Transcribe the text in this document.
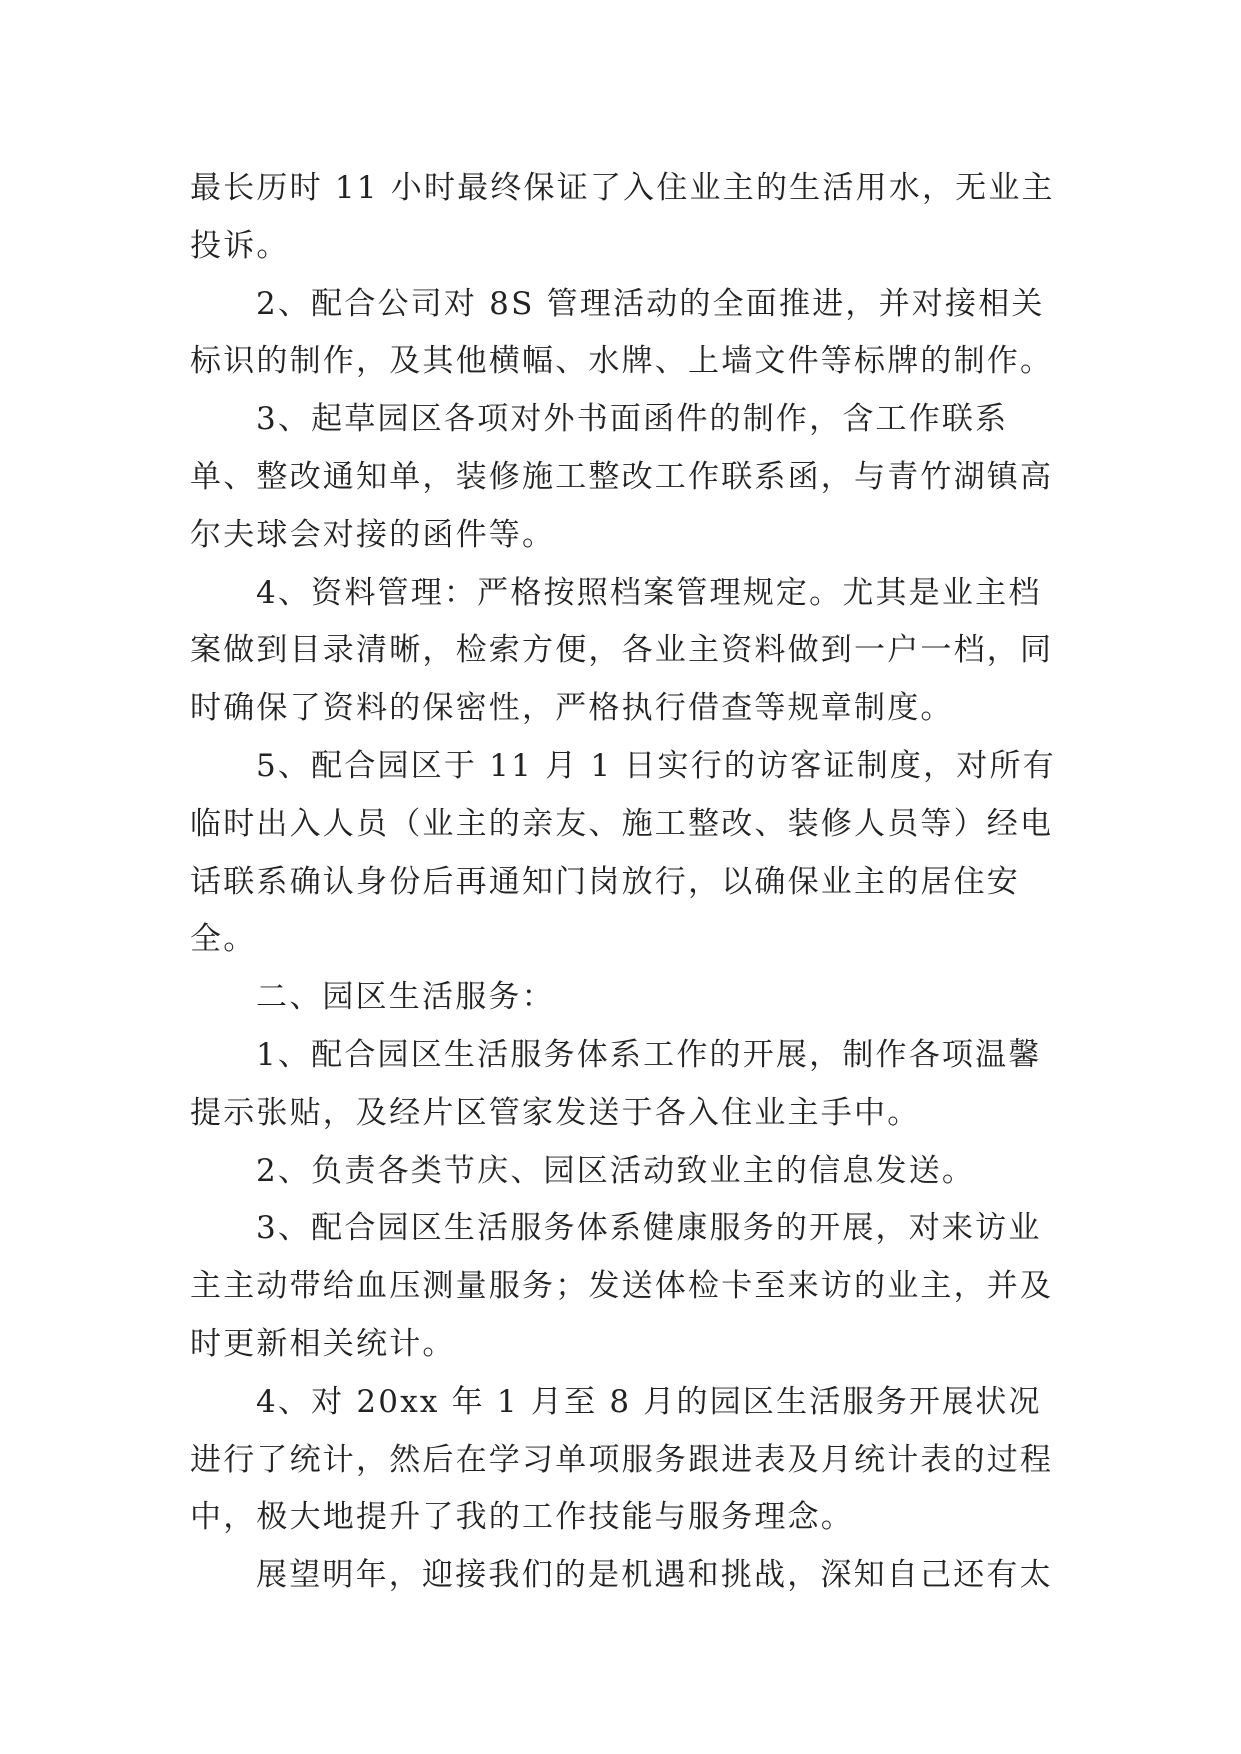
最长历时 11 小时最终保证了入住业主的生活用水，无业主投诉。

2、配合公司对 8S 管理活动的全面推进，并对接相关标识的制作，及其他横幅、水牌、上墙文件等标牌的制作。

3、起草园区各项对外书面函件的制作，含工作联系单、整改通知单，装修施工整改工作联系函，与青竹湖镇高尔夫球会对接的函件等。

4、资料管理：严格按照档案管理规定。尤其是业主档案做到目录清晰，检索方便，各业主资料做到一户一档，同时确保了资料的保密性，严格执行借查等规章制度。

5、配合园区于 11 月 1 日实行的访客证制度，对所有临时出入人员（业主的亲友、施工整改、装修人员等）经电话联系确认身份后再通知门岗放行，以确保业主的居住安全。

二、园区生活服务：

1、配合园区生活服务体系工作的开展，制作各项温馨提示张贴，及经片区管家发送于各入住业主手中。

2、负责各类节庆、园区活动致业主的信息发送。

3、配合园区生活服务体系健康服务的开展，对来访业主主动带给血压测量服务；发送体检卡至来访的业主，并及时更新相关统计。

4、对 20xx 年 1 月至 8 月的园区生活服务开展状况进行了统计，然后在学习单项服务跟进表及月统计表的过程中，极大地提升了我的工作技能与服务理念。

展望明年，迎接我们的是机遇和挑战，深知自己还有太
